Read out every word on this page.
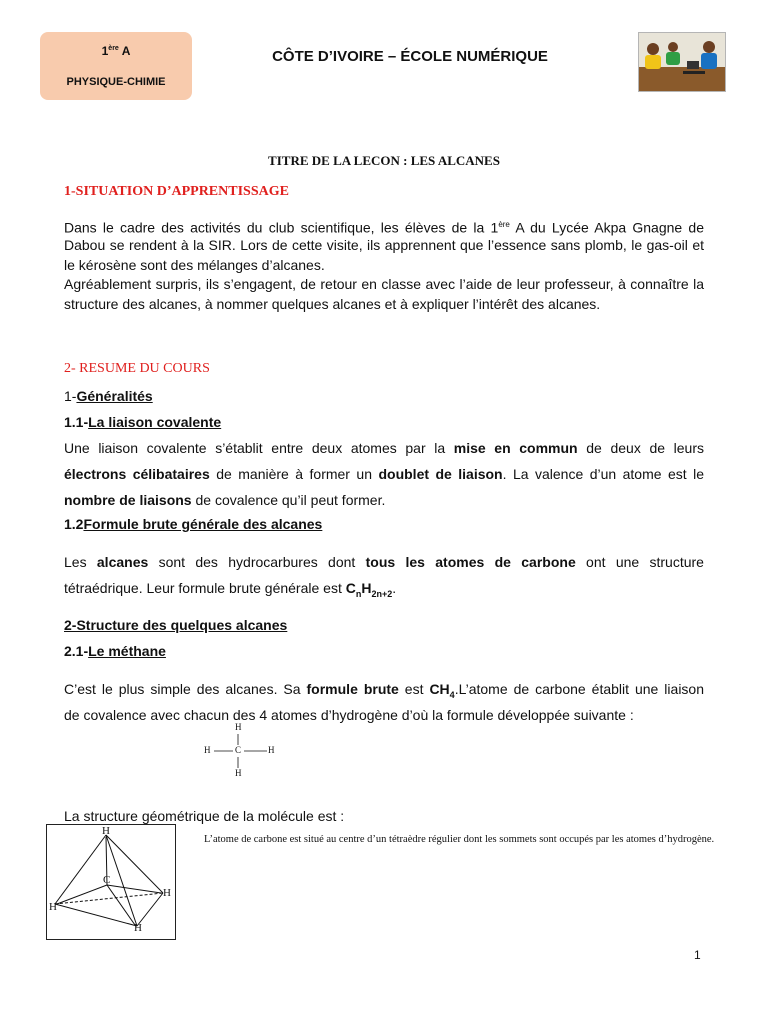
1ère A
PHYSIQUE-CHIMIE
CÔTE D’IVOIRE – ÉCOLE NUMÉRIQUE
TITRE DE LA LECON : LES ALCANES
1-SITUATION D’APPRENTISSAGE
Dans le cadre des activités du club scientifique, les élèves de la 1ère A du Lycée Akpa Gnagne de
Dabou se rendent à la SIR. Lors de cette visite, ils apprennent que l’essence sans plomb, le gas-oil et le kérosène sont des mélanges d’alcanes.
Agréablement surpris, ils s’engagent, de retour en classe avec l’aide de leur professeur, à connaître la structure des alcanes, à nommer quelques alcanes et à expliquer l’intérêt des alcanes.
2- RESUME DU COURS
1-Généralités
1.1-La liaison covalente
Une liaison covalente s’établit entre deux atomes par la mise en commun de deux de leurs
électrons célibataires de manière à former un doublet de liaison. La valence d’un atome est le
nombre de liaisons de covalence qu’il peut former.
1.2Formule brute générale des alcanes
Les alcanes sont des hydrocarbures dont tous les atomes de carbone ont une structure
tétraédrique. Leur formule brute générale est $C_nH_{2n+2}$.
2-Structure des quelques alcanes
2.1-Le méthane
C’est le plus simple des alcanes. Sa formule brute est $CH_4.L’atome$ de carbone établit une liaison
de covalence avec chacun des 4 atomes d’hydrogène d’où la formule développée suivante :
H
H	C	H
H
La structure géométrique de la molécule est :
H
C
H
H
H
L’atome de carbone est situé au centre d’un tétraèdre régulier dont les sommets sont occupés par les atomes d’hydrogène.
1
